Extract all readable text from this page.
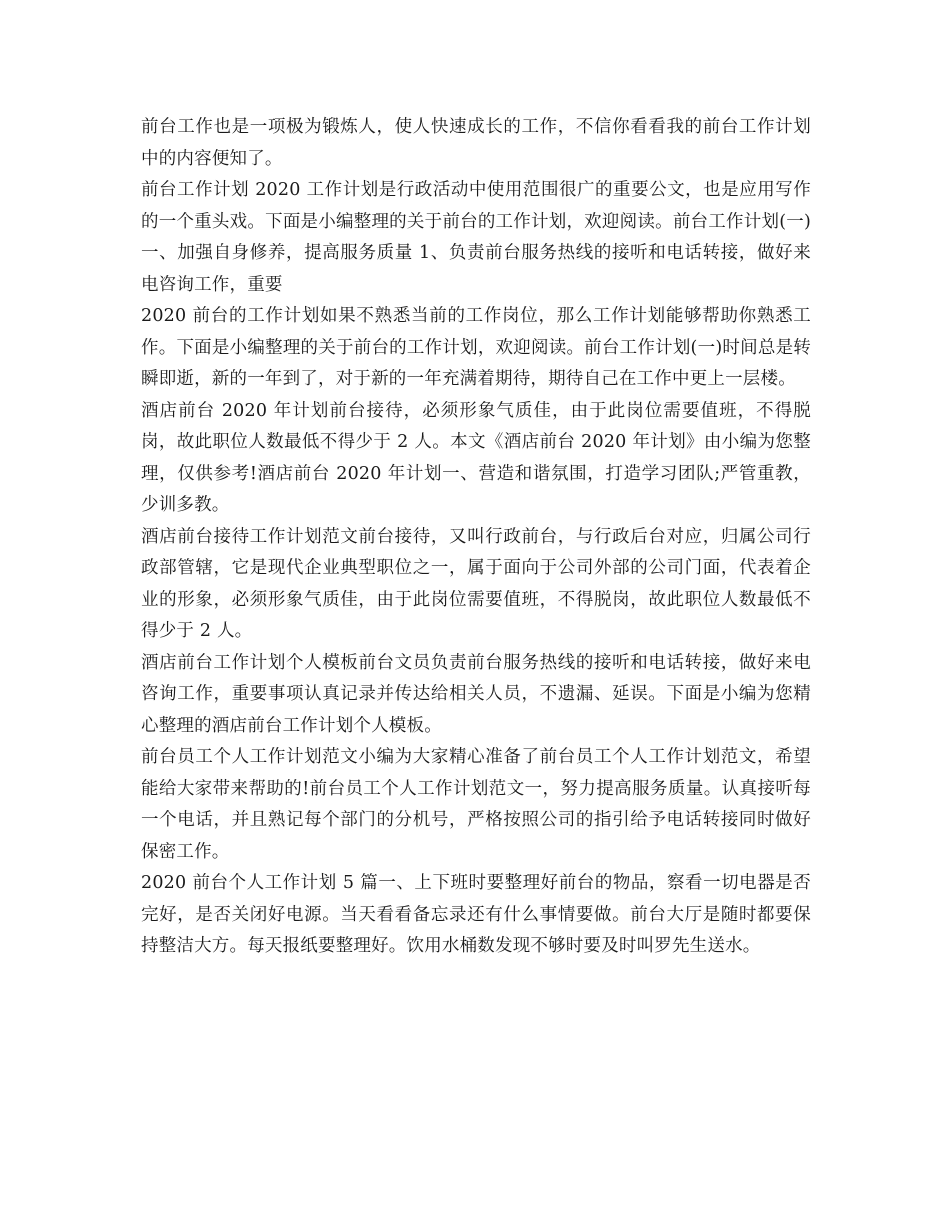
前台工作也是一项极为锻炼人，使人快速成长的工作，不信你看看我的前台工作计划中的内容便知了。

前台工作计划 2020 工作计划是行政活动中使用范围很广的重要公文，也是应用写作的一个重头戏。下面是小编整理的关于前台的工作计划，欢迎阅读。前台工作计划(一)一、加强自身修养，提高服务质量 1、负责前台服务热线的接听和电话转接，做好来电咨询工作，重要

2020 前台的工作计划如果不熟悉当前的工作岗位，那么工作计划能够帮助你熟悉工作。下面是小编整理的关于前台的工作计划，欢迎阅读。前台工作计划(一)时间总是转瞬即逝，新的一年到了，对于新的一年充满着期待，期待自己在工作中更上一层楼。

酒店前台 2020 年计划前台接待，必须形象气质佳，由于此岗位需要值班，不得脱岗，故此职位人数最低不得少于 2 人。本文《酒店前台 2020 年计划》由小编为您整理，仅供参考!酒店前台 2020 年计划一、营造和谐氛围，打造学习团队;严管重教，少训多教。

酒店前台接待工作计划范文前台接待，又叫行政前台，与行政后台对应，归属公司行政部管辖，它是现代企业典型职位之一，属于面向于公司外部的公司门面，代表着企业的形象，必须形象气质佳，由于此岗位需要值班，不得脱岗，故此职位人数最低不得少于 2 人。

酒店前台工作计划个人模板前台文员负责前台服务热线的接听和电话转接，做好来电咨询工作，重要事项认真记录并传达给相关人员，不遗漏、延误。下面是小编为您精心整理的酒店前台工作计划个人模板。

前台员工个人工作计划范文小编为大家精心准备了前台员工个人工作计划范文，希望能给大家带来帮助的!前台员工个人工作计划范文一，努力提高服务质量。认真接听每一个电话，并且熟记每个部门的分机号，严格按照公司的指引给予电话转接同时做好保密工作。

2020 前台个人工作计划 5 篇一、上下班时要整理好前台的物品，察看一切电器是否完好，是否关闭好电源。当天看看备忘录还有什么事情要做。前台大厅是随时都要保持整洁大方。每天报纸要整理好。饮用水桶数发现不够时要及时叫罗先生送水。
